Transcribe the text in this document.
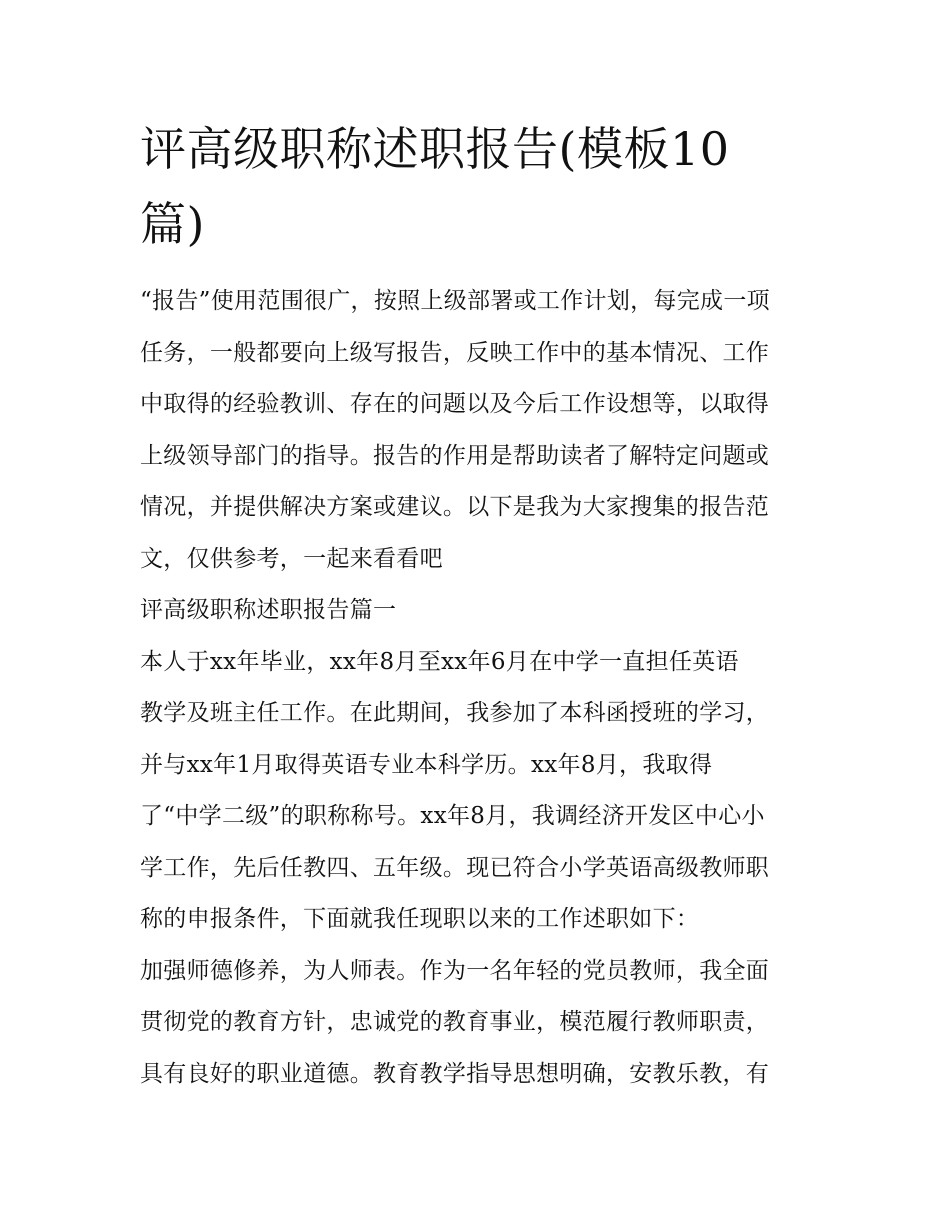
评高级职称述职报告(模板10
篇)
“报告”使用范围很广，按照上级部署或工作计划，每完成一项
任务，一般都要向上级写报告，反映工作中的基本情况、工作
中取得的经验教训、存在的问题以及今后工作设想等，以取得
上级领导部门的指导。报告的作用是帮助读者了解特定问题或
情况，并提供解决方案或建议。以下是我为大家搜集的报告范
文，仅供参考，一起来看看吧
评高级职称述职报告篇一
本人于xx年毕业，xx年8月至xx年6月在中学一直担任英语
教学及班主任工作。在此期间，我参加了本科函授班的学习，
并与xx年1月取得英语专业本科学历。xx年8月，我取得
了“中学二级”的职称称号。xx年8月，我调经济开发区中心小
学工作，先后任教四、五年级。现已符合小学英语高级教师职
称的申报条件，下面就我任现职以来的工作述职如下：
加强师德修养，为人师表。作为一名年轻的党员教师，我全面
贯彻党的教育方针，忠诚党的教育事业，模范履行教师职责，
具有良好的职业道德。教育教学指导思想明确，安教乐教，有
